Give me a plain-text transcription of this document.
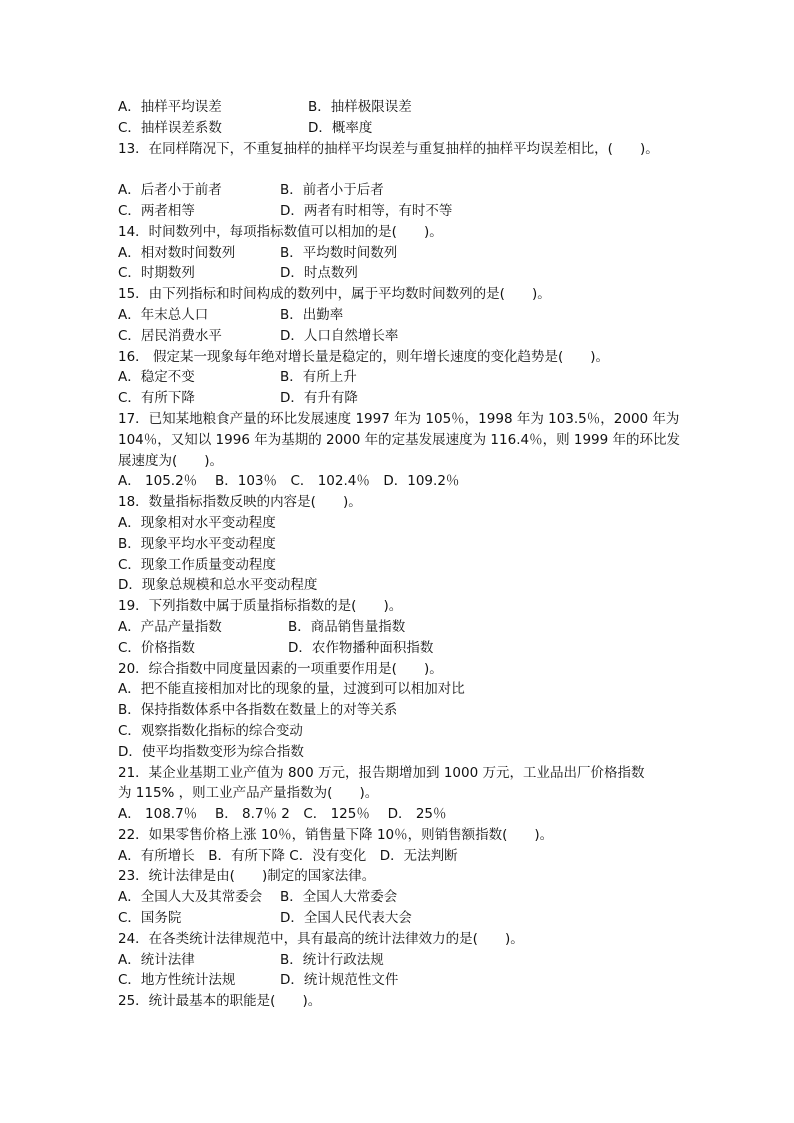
A．抽样平均误差	B．抽样极限误差
C．抽样误差系数	D．概率度
13．在同样隋况下，不重复抽样的抽样平均误差与重复抽样的抽样平均误差相比，(　　)。
A．后者小于前者	B．前者小于后者
C．两者相等	D．两者有时相等，有时不等
14．时间数列中，每项指标数值可以相加的是(　　)。
A．相对数时间数列	B．平均数时间数列
C．时期数列	D．时点数列
15．由下列指标和时间构成的数列中，属于平均数时间数列的是(　　)。
A．年末总人口	B．出勤率
C．居民消费水平	D．人口自然增长率
16． 假定某一现象每年绝对增长量是稳定的，则年增长速度的变化趋势是(　　)。
A．稳定不变	B．有所上升
C．有所下降	D．有升有降
17．已知某地粮食产量的环比发展速度 1997 年为 105％，1998 年为 103.5％，2000 年为
104％，又知以 1996 年为基期的 2000 年的定基发展速度为 116.4％，则 1999 年的环比发
展速度为(　　)。
A． 105.2％　 B．103％　C． 102.4％　D．109.2％
18．数量指标指数反映的内容是(　　)。
A．现象相对水平变动程度
B．现象平均水平变动程度
C．现象工作质量变动程度
D．现象总规模和总水平变动程度
19．下列指数中属于质量指标指数的是(　　)。
A．产品产量指数	B．商品销售量指数
C．价格指数	D．农作物播种面积指数
20．综合指数中同度量因素的一项重要作用是(　　)。
A．把不能直接相加对比的现象的量，过渡到可以相加对比
B．保持指数体系中各指数在数量上的对等关系
C．观察指数化指标的综合变动
D．使平均指数变形为综合指数
21．某企业基期工业产值为 800 万元，报告期增加到 1000 万元，工业品出厂价格指数
为 115% ，则工业产品产量指数为(　　)。
A． 108.7％　 B． 8.7％ 2　C． 125％　 D． 25％
22．如果零售价格上涨 10％，销售量下降 10％，则销售额指数(　　)。
A．有所增长　B．有所下降 C．没有变化　D．无法判断
23．统计法律是由(　　)制定的国家法律。
A．全国人大及其常委会 B．全国人大常委会
C．国务院	D．全国人民代表大会
24．在各类统计法律规范中，具有最高的统计法律效力的是(　　)。
A．统计法律	B．统计行政法规
C．地方性统计法规	D．统计规范性文件
25．统计最基本的职能是(　　)。
